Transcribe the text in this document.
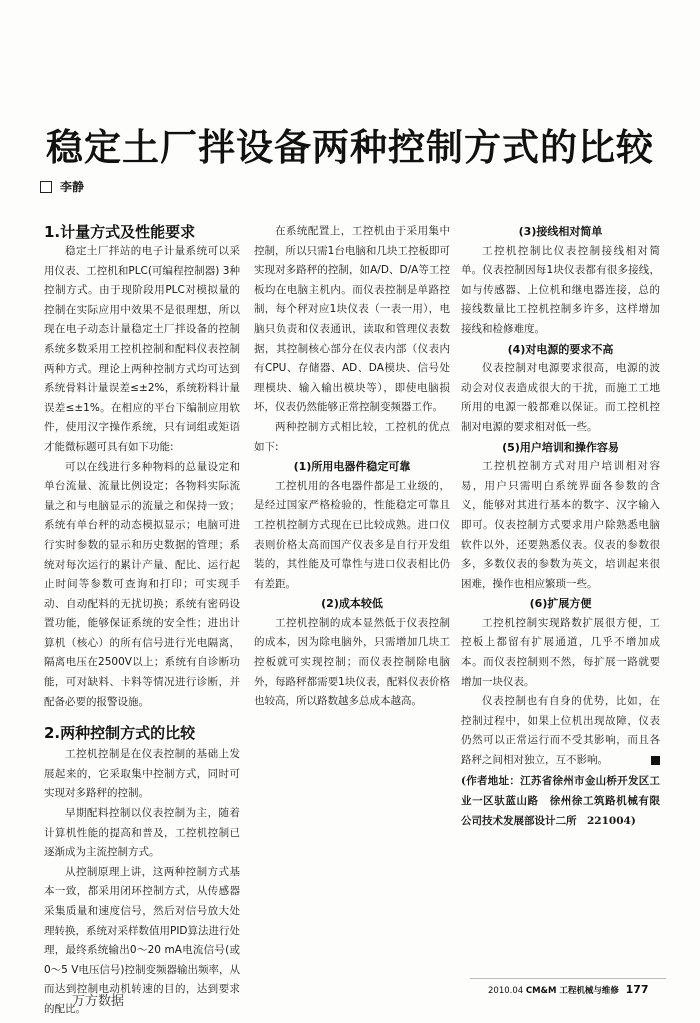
稳定土厂拌设备两种控制方式的比较
李静
1.计量方式及性能要求

稳定土厂拌站的电子计量系统可以采用仪表、工控机和PLC(可编程控制器) 3种控制方式。由于现阶段用PLC对模拟量的控制在实际应用中效果不是很理想，所以现在电子动态计量稳定土厂拌设备的控制系统多数采用工控机控制和配料仪表控制两种方式。理论上两种控制方式均可达到系统骨料计量误差≤±2%，系统粉料计量误差≤±1%。在相应的平台下编制应用软件，使用汉字操作系统，只有词组或矩语才能微标题可具有如下功能:

可以在线进行多种物料的总量设定和单台流量、流量比例设定；各物料实际流量之和与电脑显示的流量之和保持一致；系统有单台秤的动态模拟显示；电脑可进行实时参数的显示和历史数据的管理；系统对每次运行的累计产量、配比、运行起止时间等参数可查询和打印；可实现手动、自动配料的无扰切换；系统有密码设置功能，能够保证系统的安全性；进出计算机（核心）的所有信号进行光电隔离，隔离电压在2500V以上；系统有自诊断功能，可对缺料、卡料等情况进行诊断，并配备必要的报警设施。

2.两种控制方式的比较

工控机控制是在仪表控制的基础上发展起来的，它采取集中控制方式，同时可实现对多路秤的控制。

早期配料控制以仪表控制为主，随着计算机性能的提高和普及，工控机控制已逐渐成为主流控制方式。

从控制原理上讲，这两种控制方式基本一致，都采用闭环控制方式，从传感器采集质量和速度信号，然后对信号放大处理转换，系统对采样数值用PID算法进行处理，最终系统输出0～20 mA电流信号(或0～5 V电压信号)控制变频器输出频率，从而达到控制电动机转速的目的，达到要求的配比。

在系统配置上，工控机由于采用集中控制，所以只需1台电脑和几块工控板即可实现对多路秤的控制，如A/D、D/A等工控板均在电脑主机内。而仪表控制是单路控制，每个秤对应1块仪表（一表一用），电脑只负责和仪表通讯，读取和管理仪表数据，其控制核心部分在仪表内部（仪表内有CPU、存储器、AD、DA模块、信号处理模块、输入输出模块等），即使电脑损坏，仪表仍然能够正常控制变频器工作。

两种控制方式相比较，工控机的优点如下:

(1)所用电器件稳定可靠

工控机用的各电器件都是工业级的，是经过国家严格检验的，性能稳定可靠且工控机控制方式现在已比较成熟。进口仪表则价格太高而国产仪表多是自行开发组装的，其性能及可靠性与进口仪表相比仍有差距。

(2)成本较低

工控机控制的成本显然低于仪表控制的成本，因为除电脑外，只需增加几块工控板就可实现控制；而仪表控制除电脑外，每路秤都需要1块仪表，配料仪表价格也较高，所以路数越多总成本越高。

(3)接线相对简单

工控机控制比仪表控制接线相对简单。仪表控制因每1块仪表都有很多接线，如与传感器、上位机和继电器连接，总的接线数量比工控机控制多许多，这样增加接线和检修难度。

(4)对电源的要求不高

仪表控制对电源要求很高，电源的波动会对仪表造成很大的干扰，而施工工地所用的电源一般都难以保证。而工控机控制对电源的要求相对低一些。

(5)用户培训和操作容易

工控机控制方式对用户培训相对容易，用户只需明白系统界面各参数的含义，能够对其进行基本的数字、汉字输入即可。仪表控制方式要求用户除熟悉电脑软件以外，还要熟悉仪表。仪表的参数很多，多数仪表的参数为英文，培训起来很困难，操作也相应繁琐一些。

(6)扩展方便

工控机控制实现路数扩展很方便，工控板上都留有扩展通道，几乎不增加成本。而仪表控制则不然，每扩展一路就要增加一块仪表。

仪表控制也有自身的优势，比如，在控制过程中，如果上位机出现故障，仪表仍然可以正常运行而不受其影响，而且各路秤之间相对独立，互不影响。

(作者地址：江苏省徐州市金山桥开发区工业一区驮蓝山路　徐州徐工筑路机械有限公司技术发展部设计二所　221004)

2010.04 CM&M 工程机械与维修 177
万方数据
